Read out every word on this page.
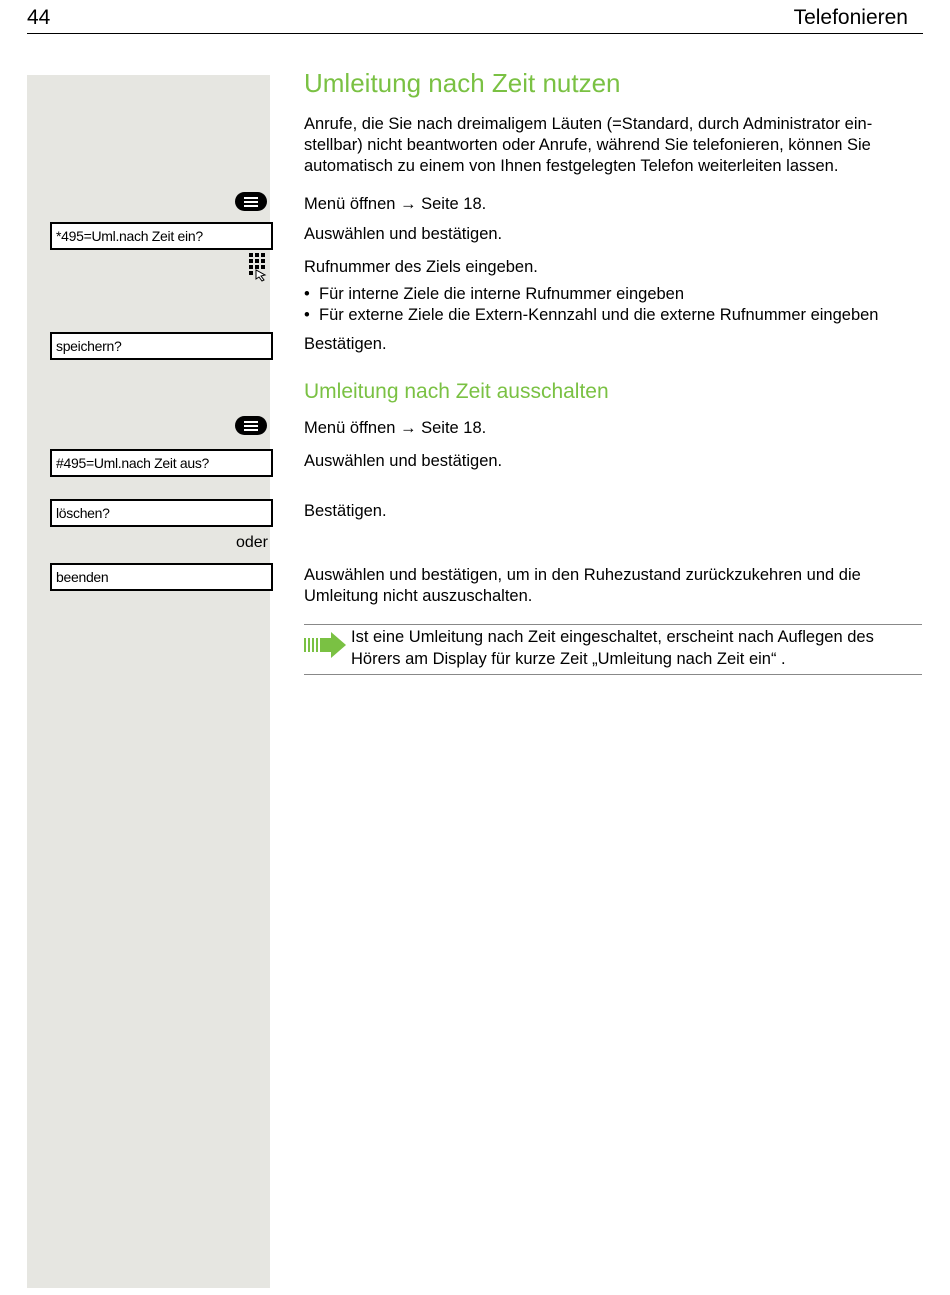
44	Telefonieren
Umleitung nach Zeit nutzen
Anrufe, die Sie nach dreimaligem Läuten (=Standard, durch Administrator ein-stellbar) nicht beantworten oder Anrufe, während Sie telefonieren, können Sie automatisch zu einem von Ihnen festgelegten Telefon weiterleiten lassen.
Menü öffnen → Seite 18.
*495=Uml.nach Zeit ein?	Auswählen und bestätigen.
Rufnummer des Ziels eingeben.
• Für interne Ziele die interne Rufnummer eingeben
• Für externe Ziele die Extern-Kennzahl und die externe Rufnummer eingeben
speichern?	Bestätigen.
Umleitung nach Zeit ausschalten
Menü öffnen → Seite 18.
#495=Uml.nach Zeit aus?	Auswählen und bestätigen.
löschen?	Bestätigen.
oder
beenden	Auswählen und bestätigen, um in den Ruhezustand zurückzukehren und die Umleitung nicht auszuschalten.
Ist eine Umleitung nach Zeit eingeschaltet, erscheint nach Auflegen des Hörers am Display für kurze Zeit „Umleitung nach Zeit ein“ .
